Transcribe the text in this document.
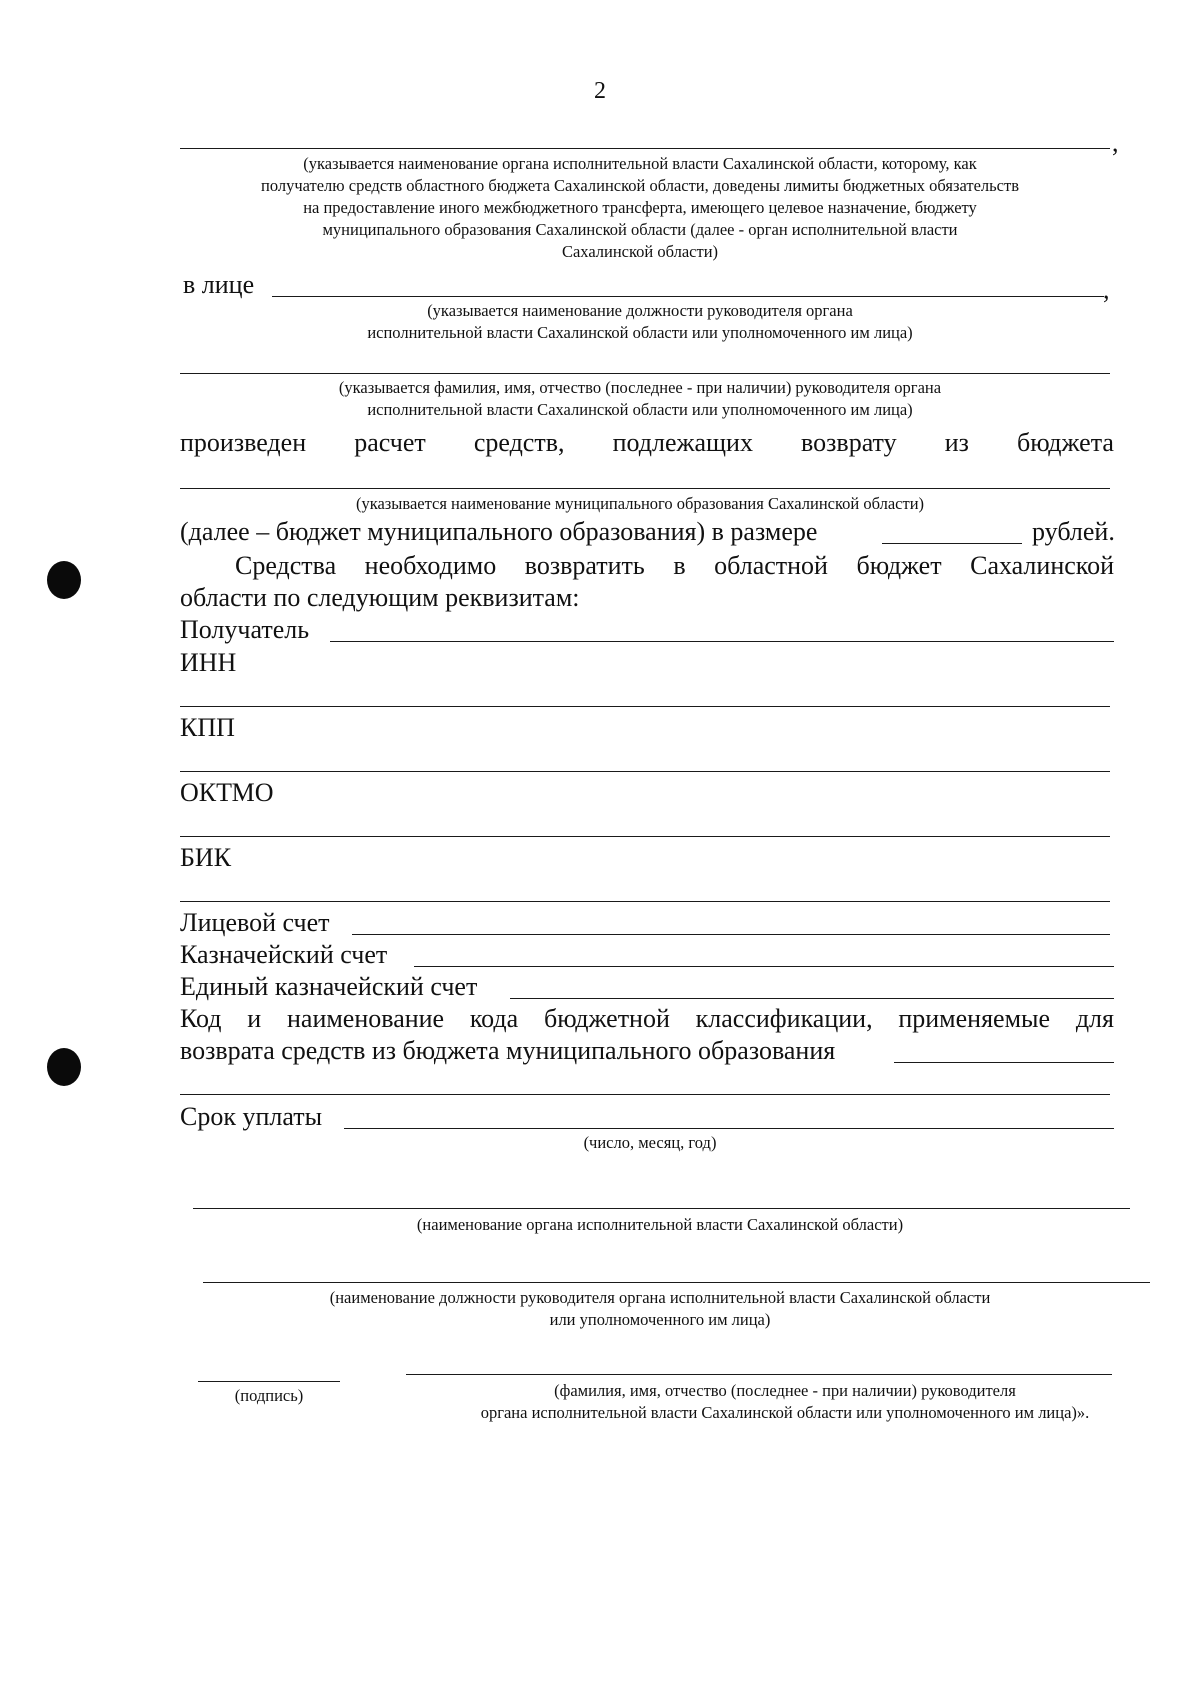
2
,
(указывается наименование органа исполнительной власти Сахалинской области, которому, как
получателю средств областного бюджета Сахалинской области, доведены лимиты бюджетных обязательств
на предоставление иного межбюджетного трансферта, имеющего целевое назначение, бюджету
муниципального образования Сахалинской области (далее - орган исполнительной власти
Сахалинской области)
в лице	,
(указывается наименование должности руководителя органа
исполнительной власти Сахалинской области или уполномоченного им лица)
(указывается фамилия, имя, отчество (последнее - при наличии) руководителя органа
исполнительной власти Сахалинской области или уполномоченного им лица)
произведен расчет средств, подлежащих возврату из бюджета
(указывается наименование муниципального образования Сахалинской области)
(далее – бюджет муниципального образования) в размере	рублей.
Средства необходимо возвратить в областной бюджет Сахалинской
области по следующим реквизитам:
Получатель
ИНН
КПП
ОКТМО
БИК
Лицевой счет
Казначейский счет
Единый казначейский счет
Код и наименование кода бюджетной классификации, применяемые для
возврата средств из бюджета муниципального образования
Срок уплаты
(число, месяц, год)
(наименование органа исполнительной власти Сахалинской области)
(наименование должности руководителя органа исполнительной власти Сахалинской области
или уполномоченного им лица)
(подпись)	(фамилия, имя, отчество (последнее - при наличии) руководителя
органа исполнительной власти Сахалинской области или уполномоченного им лица)».
